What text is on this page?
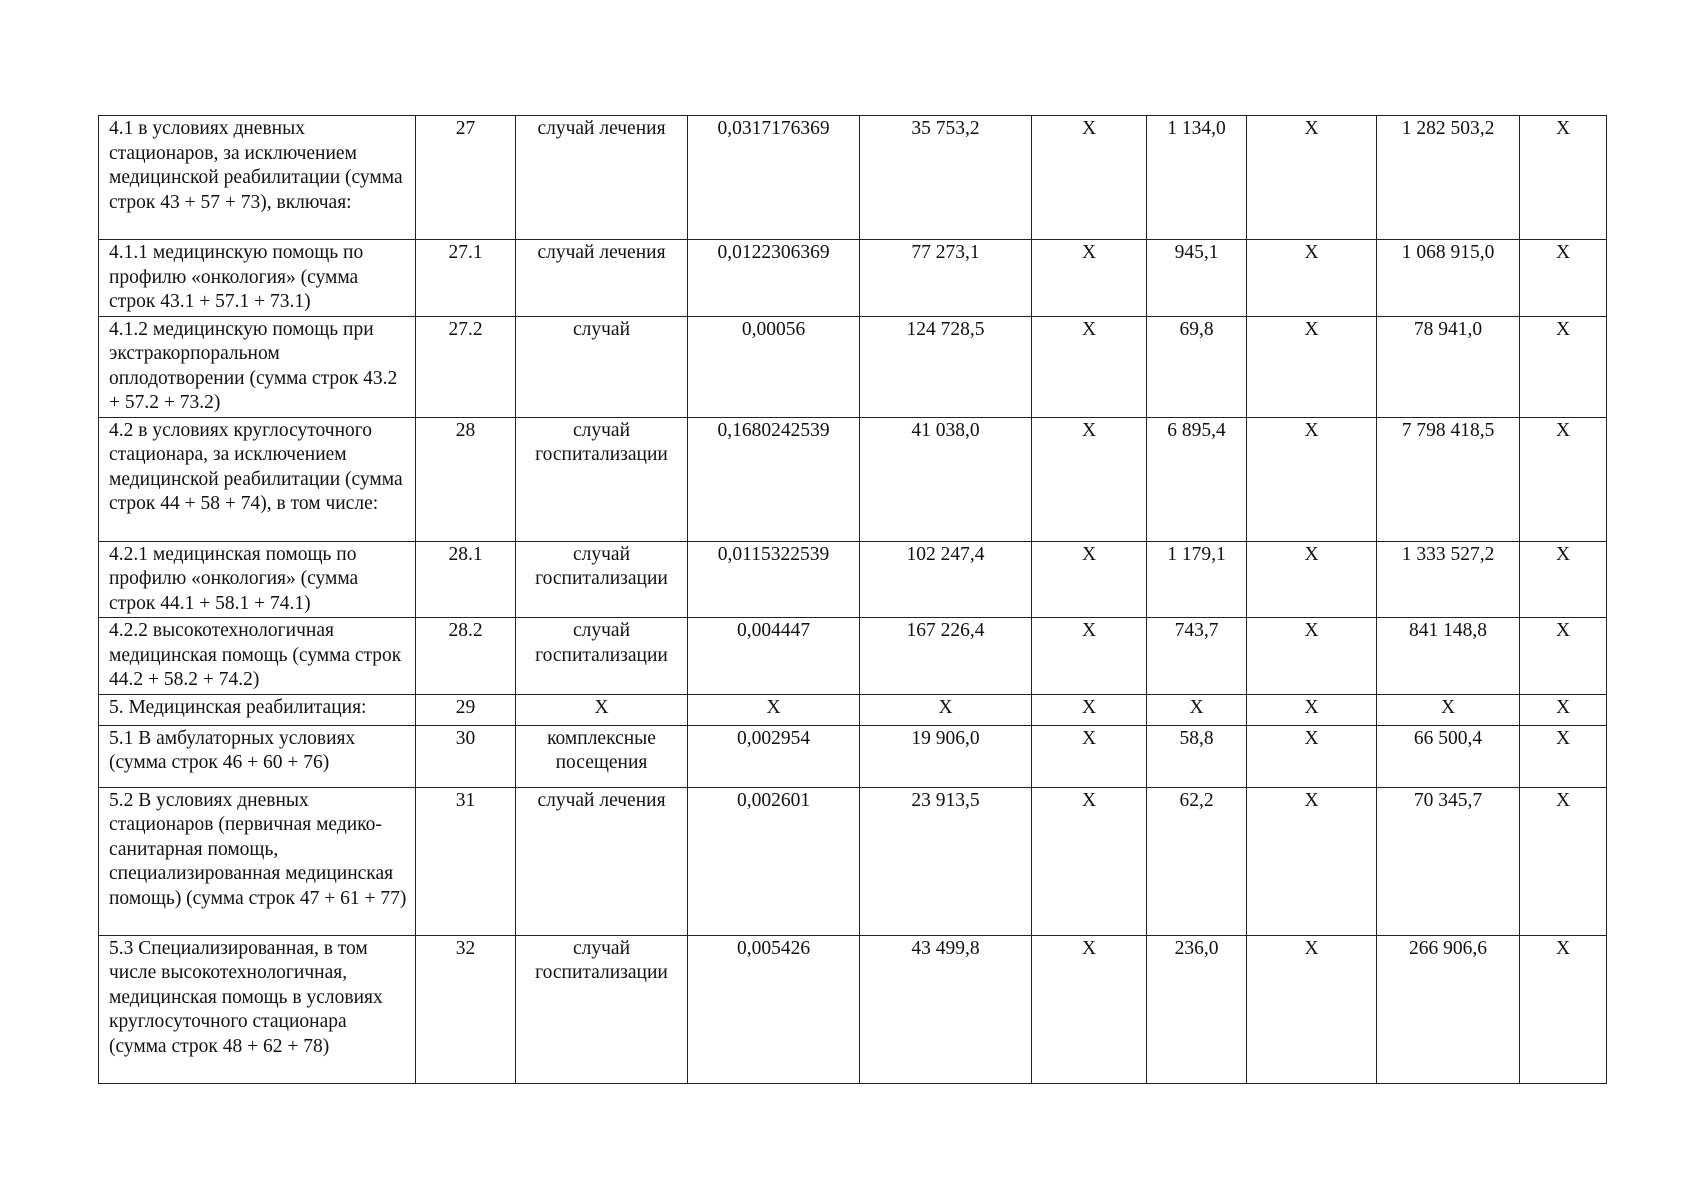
4.1 в условиях дневных стационаров, за исключением медицинской реабилитации (сумма строк 43 + 57 + 73), включая:	27	случай лечения	0,0317176369	35 753,2	X	1 134,0	X	1 282 503,2	X
4.1.1 медицинскую помощь по профилю «онкология» (сумма строк 43.1 + 57.1 + 73.1)	27.1	случай лечения	0,0122306369	77 273,1	X	945,1	X	1 068 915,0	X
4.1.2 медицинскую помощь при экстракорпоральном оплодотворении (сумма строк 43.2 + 57.2 + 73.2)	27.2	случай	0,00056	124 728,5	X	69,8	X	78 941,0	X
4.2 в условиях круглосуточного стационара, за исключением медицинской реабилитации (сумма строк 44 + 58 + 74), в том числе:	28	случай госпитализации	0,1680242539	41 038,0	X	6 895,4	X	7 798 418,5	X
4.2.1 медицинская помощь по профилю «онкология» (сумма строк 44.1 + 58.1 + 74.1)	28.1	случай госпитализации	0,0115322539	102 247,4	X	1 179,1	X	1 333 527,2	X
4.2.2 высокотехнологичная медицинская помощь (сумма строк 44.2 + 58.2 + 74.2)	28.2	случай госпитализации	0,004447	167 226,4	X	743,7	X	841 148,8	X
5. Медицинская реабилитация:	29	X	X	X	X	X	X	X	X
5.1 В амбулаторных условиях (сумма строк 46 + 60 + 76)	30	комплексные посещения	0,002954	19 906,0	X	58,8	X	66 500,4	X
5.2 В условиях дневных стационаров (первичная медико-санитарная помощь, специализированная медицинская помощь) (сумма строк 47 + 61 + 77)	31	случай лечения	0,002601	23 913,5	X	62,2	X	70 345,7	X
5.3 Специализированная, в том числе высокотехнологичная, медицинская помощь в условиях круглосуточного стационара (сумма строк 48 + 62 + 78)	32	случай госпитализации	0,005426	43 499,8	X	236,0	X	266 906,6	X
